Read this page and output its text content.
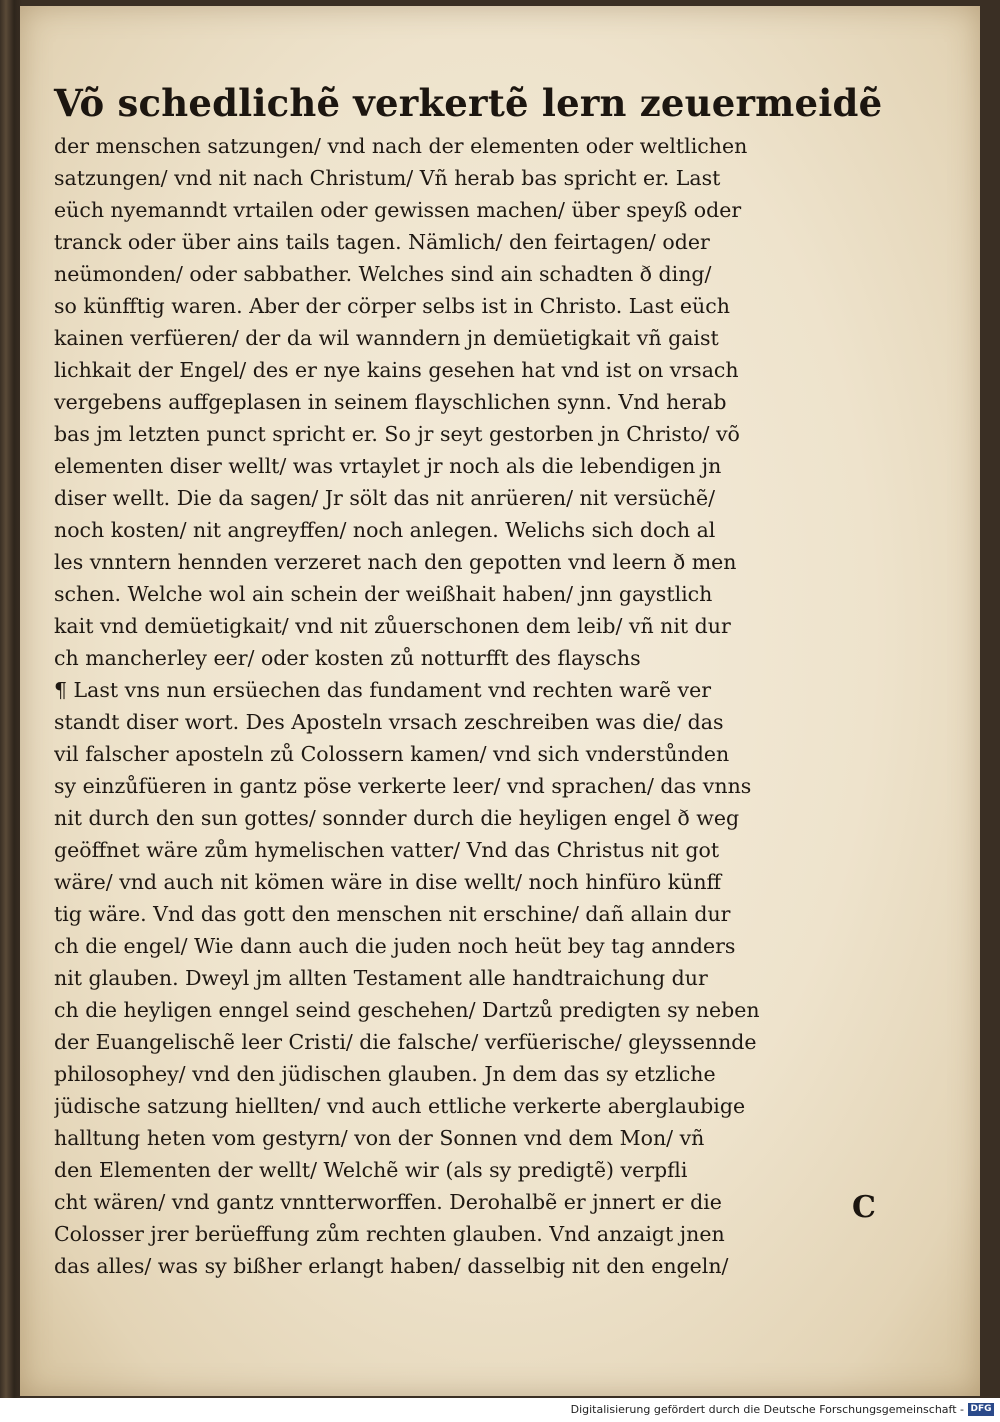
Võ schedlichẽ verkertẽ lern zeuermeidẽ
der menschen satzungen/ vnd nach der elementen oder weltlichen
satzungen/ vnd nit nach Christum/ Vñ herab bas spricht er. Last
eüch nyemanndt vrtailen oder gewissen machen/ über speyß oder
tranck oder über ains tails tagen. Nämlich/ den feirtagen/ oder
neümonden/ oder sabbather. Welches sind ain schadten ð ding/
so künfftig waren. Aber der cörper selbs ist in Christo. Last eüch
kainen verfüeren/ der da wil wanndern jn demüetigkait vñ gaist
lichkait der Engel/ des er nye kains gesehen hat vnd ist on vrsach
vergebens auffgeplasen in seinem flayschlichen synn. Vnd herab
bas jm letzten punct spricht er. So jr seyt gestorben jn Christo/ võ
elementen diser wellt/ was vrtaylet jr noch als die lebendigen jn
diser wellt. Die da sagen/ Jr sölt das nit anrüeren/ nit versüchẽ/
noch kosten/ nit angreyffen/ noch anlegen. Welichs sich doch al
les vnntern hennden verzeret nach den gepotten vnd leern ð men
schen. Welche wol ain schein der weißhait haben/ jnn gaystlich
kait vnd demüetigkait/ vnd nit zůuerschonen dem leib/ vñ nit dur
ch mancherley eer/ oder kosten zů notturfft des flayschs
¶ Last vns nun ersüechen das fundament vnd rechten warẽ ver
standt diser wort. Des Aposteln vrsach zeschreiben was die/ das
vil falscher aposteln zů Colossern kamen/ vnd sich vnderstůnden
sy einzůfüeren in gantz pöse verkerte leer/ vnd sprachen/ das vnns
nit durch den sun gottes/ sonnder durch die heyligen engel ð weg
geöffnet wäre zům hymelischen vatter/ Vnd das Christus nit got
wäre/ vnd auch nit kömen wäre in dise wellt/ noch hinfüro künff
tig wäre. Vnd das gott den menschen nit erschine/ dañ allain dur
ch die engel/ Wie dann auch die juden noch heüt bey tag annders
nit glauben. Dweyl jm allten Testament alle handtraichung dur
ch die heyligen enngel seind geschehen/ Dartzů predigten sy neben
der Euangelischẽ leer Cristi/ die falsche/ verfüerische/ gleyssennde
philosophey/ vnd den jüdischen glauben. Jn dem das sy etzliche
jüdische satzung hiellten/ vnd auch ettliche verkerte aberglaubige
halltung heten vom gestyrn/ von der Sonnen vnd dem Mon/ vñ
den Elementen der wellt/ Welchẽ wir (als sy predigtẽ) verpfli
cht wären/ vnd gantz vnntterworffen. Derohalbẽ er jnnert er die
Colosser jrer berüeffung zům rechten glauben. Vnd anzaigt jnen
das alles/ was sy bißher erlangt haben/ dasselbig nit den engeln/
C
Digitalisierung gefördert durch die Deutsche Forschungsgemeinschaft - DFG
